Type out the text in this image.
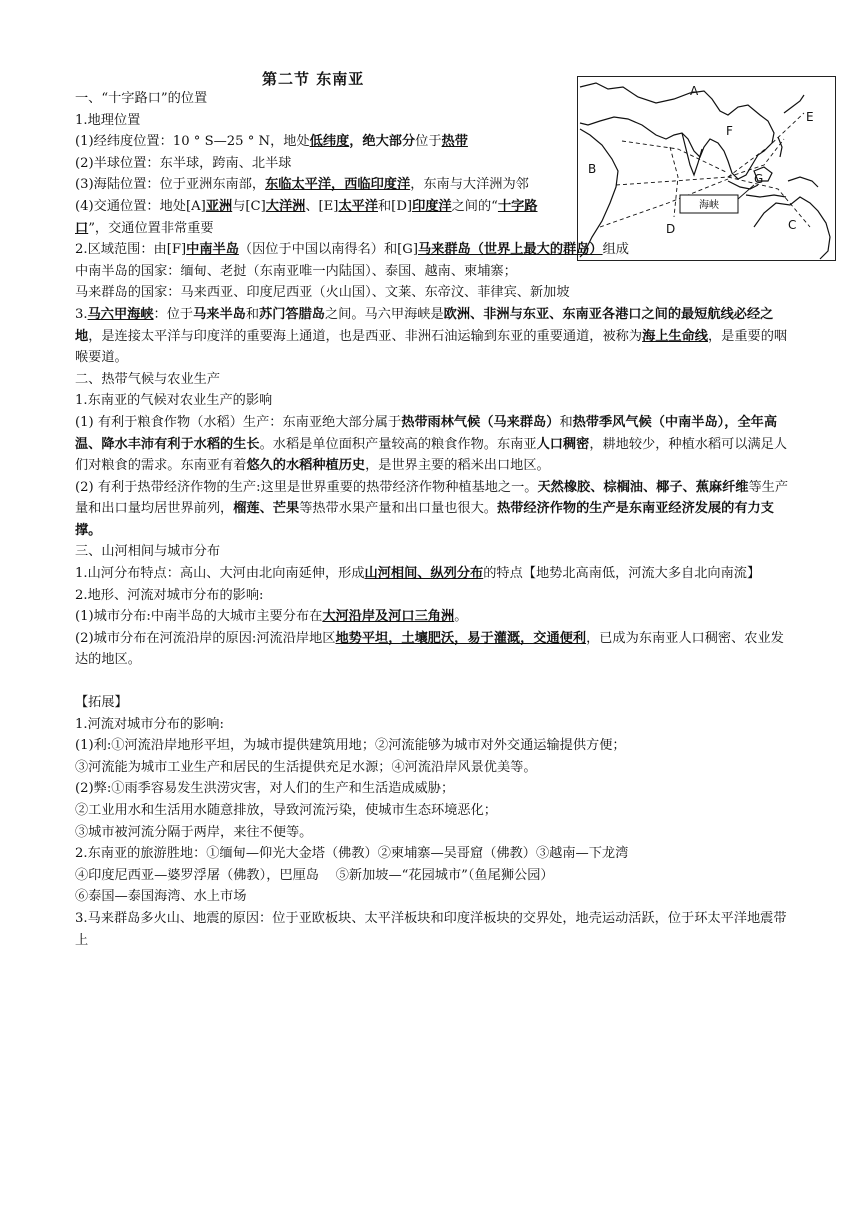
第二节 东南亚
海峡
A
B
C
D
E
F
G

一、“十字路口”的位置

1.地理位置

(1)经纬度位置：10 ° S—25 ° N，地处低纬度，绝大部分位于热带

(2)半球位置：东半球，跨南、北半球

(3)海陆位置：位于亚洲东南部，东临太平洋，西临印度洋，东南与大洋洲为邻

(4)交通位置：地处[A]亚洲与[C]大洋洲、[E]太平洋和[D]印度洋之间的“十字路口”，交通位置非常重要

2.区域范围：由[F]中南半岛（因位于中国以南得名）和[G]马来群岛（世界上最大的群岛）组成

中南半岛的国家：缅甸、老挝（东南亚唯一内陆国）、泰国、越南、柬埔寨；

马来群岛的国家：马来西亚、印度尼西亚（火山国）、文莱、东帝汶、菲律宾、新加坡

3.马六甲海峡：位于马来半岛和苏门答腊岛之间。马六甲海峡是欧洲、非洲与东亚、东南亚各港口之间的最短航线必经之地，是连接太平洋与印度洋的重要海上通道，也是西亚、非洲石油运输到东亚的重要通道，被称为海上生命线，是重要的咽喉要道。

二、热带气候与农业生产

1.东南亚的气候对农业生产的影响

(1) 有利于粮食作物（水稻）生产：东南亚绝大部分属于热带雨林气候（马来群岛）和热带季风气候（中南半岛），全年高温、降水丰沛有利于水稻的生长。水稻是单位面积产量较高的粮食作物。东南亚人口稠密，耕地较少，种植水稻可以满足人们对粮食的需求。东南亚有着悠久的水稻种植历史，是世界主要的稻米出口地区。

(2) 有利于热带经济作物的生产:这里是世界重要的热带经济作物种植基地之一。天然橡胶、棕榈油、椰子、蕉麻纤维等生产量和出口量均居世界前列，榴莲、芒果等热带水果产量和出口量也很大。热带经济作物的生产是东南亚经济发展的有力支撑。

三、山河相间与城市分布

1.山河分布特点：高山、大河由北向南延伸，形成山河相间、纵列分布的特点【地势北高南低，河流大多自北向南流】

2.地形、河流对城市分布的影响:

(1)城市分布:中南半岛的大城市主要分布在大河沿岸及河口三角洲。

(2)城市分布在河流沿岸的原因:河流沿岸地区地势平坦，土壤肥沃，易于灌溉，交通便利，已成为东南亚人口稠密、农业发达的地区。

【拓展】

1.河流对城市分布的影响:

(1)利:①河流沿岸地形平坦，为城市提供建筑用地；②河流能够为城市对外交通运输提供方便；

③河流能为城市工业生产和居民的生活提供充足水源；④河流沿岸风景优美等。

(2)弊:①雨季容易发生洪涝灾害，对人们的生产和生活造成威胁；

②工业用水和生活用水随意排放，导致河流污染，使城市生态环境恶化；

③城市被河流分隔于两岸，来往不便等。

2.东南亚的旅游胜地：①缅甸—仰光大金塔（佛教）②柬埔寨—吴哥窟（佛教）③越南—下龙湾

④印度尼西亚—婆罗浮屠（佛教），巴厘岛    ⑤新加坡—“花园城市”（鱼尾狮公园）

⑥泰国—泰国海湾、水上市场

3.马来群岛多火山、地震的原因：位于亚欧板块、太平洋板块和印度洋板块的交界处，地壳运动活跃，位于环太平洋地震带上
